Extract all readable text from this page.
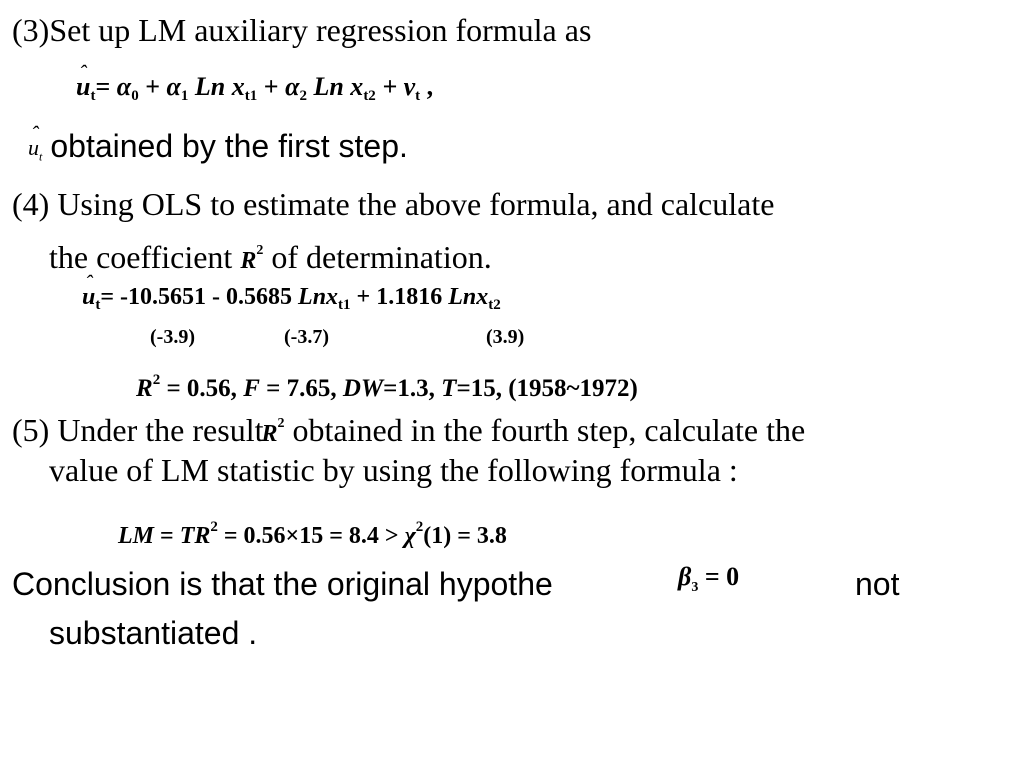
(3)Set up LM auxiliary regression formula as
ˆ $u_t= \alpha_0 + \alpha_1$ Ln $x_{t1} + \alpha_2$ Ln $x_{t2} + v_t$ ,
ˆ $u_t$ obtained by the first step.
(4) Using OLS to estimate the above formula, and calculate
the coefficient $R^2$ of determination.
ˆ $u_t= -10.5651 - 0.5685$ Lnx$_{t1}$ + 1.1816 Lnx$_{t2}$
(-3.9)	(-3.7)	(3.9)
$R^2 = 0.56$, F = 7.65, DW=1.3, T=15, (1958~1972)
(5) Under the resultR$^2$ obtained in the fourth step, calculate the
value of LM statistic by using the following formula :
LM = $TR^2 = 0.56\times 15 = 8.4 > \chi^2(1) = 3.8$
Conclusion is that the original hypothe	$\beta_3 = 0$	not
substantiated .
